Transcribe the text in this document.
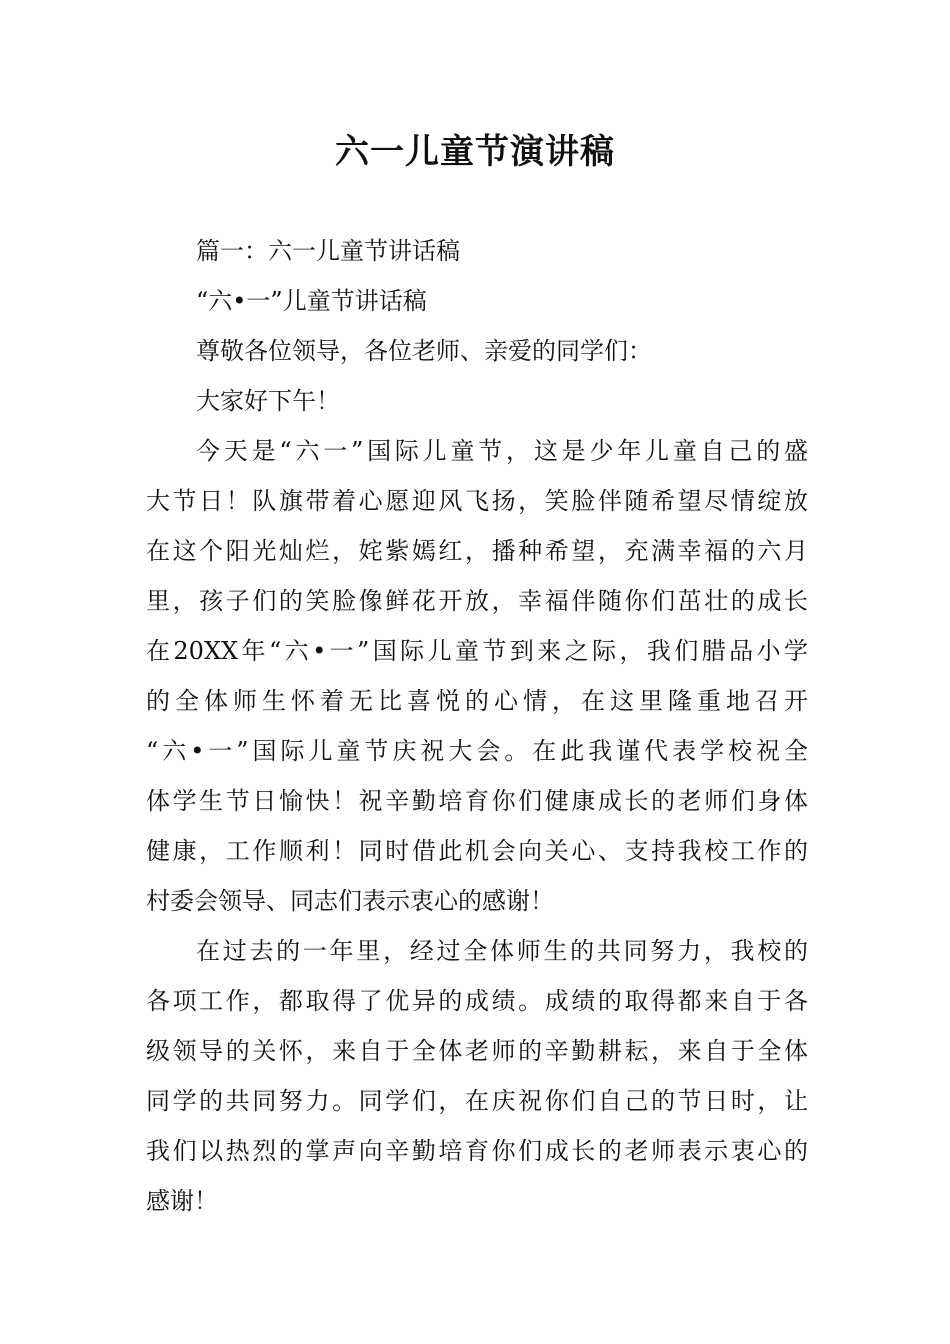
六一儿童节演讲稿

篇一：六一儿童节讲话稿

“六•一”儿童节讲话稿

尊敬各位领导，各位老师、亲爱的同学们：

大家好下午！

今天是“六一”国际儿童节，这是少年儿童自己的盛

大节日！队旗带着心愿迎风飞扬，笑脸伴随希望尽情绽放

在这个阳光灿烂，姹紫嫣红，播种希望，充满幸福的六月

里，孩子们的笑脸像鲜花开放，幸福伴随你们茁壮的成长

在20XX年“六•一”国际儿童节到来之际，我们腊品小学

的全体师生怀着无比喜悦的心情，在这里隆重地召开

“六•一”国际儿童节庆祝大会。在此我谨代表学校祝全

体学生节日愉快！祝辛勤培育你们健康成长的老师们身体

健康，工作顺利！同时借此机会向关心、支持我校工作的

村委会领导、同志们表示衷心的感谢！

在过去的一年里，经过全体师生的共同努力，我校的

各项工作，都取得了优异的成绩。成绩的取得都来自于各

级领导的关怀，来自于全体老师的辛勤耕耘，来自于全体

同学的共同努力。同学们，在庆祝你们自己的节日时，让

我们以热烈的掌声向辛勤培育你们成长的老师表示衷心的

感谢！
